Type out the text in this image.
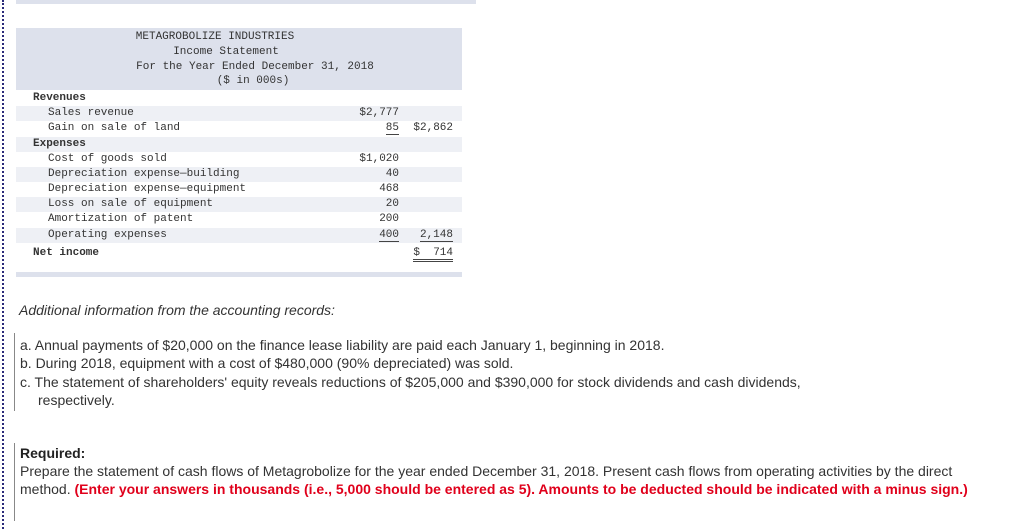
METAGROBOLIZE INDUSTRIES
Income Statement
For the Year Ended December 31, 2018
($ in 000s)
Revenues
Sales revenue	$2,777
Gain on sale of land	85 $2,862
Expenses
Cost of goods sold	$1,020
Depreciation expense—building	40
Depreciation expense—equipment	468
Loss on sale of equipment	20
Amortization of patent	200
Operating expenses	400 2,148
Net income	$  714
Additional information from the accounting records:
a. Annual payments of $20,000 on the finance lease liability are paid each January 1, beginning in 2018.
b. During 2018, equipment with a cost of $480,000 (90% depreciated) was sold.
c. The statement of shareholders' equity reveals reductions of $205,000 and $390,000 for stock dividends and cash dividends,
respectively.
Required:
Prepare the statement of cash flows of Metagrobolize for the year ended December 31, 2018. Present cash flows from operating activities by the direct method. (Enter your answers in thousands (i.e., 5,000 should be entered as 5). Amounts to be deducted should be indicated with a minus sign.)
